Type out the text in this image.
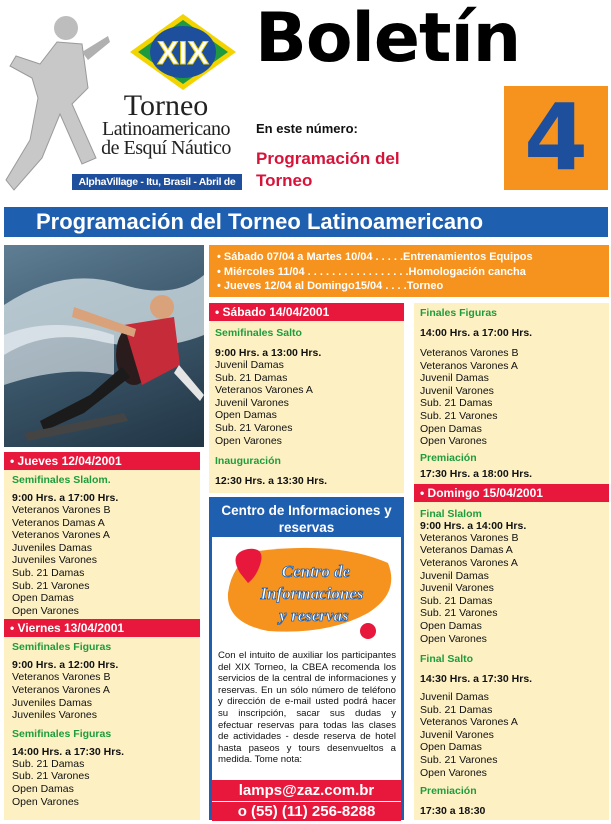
XIX
Torneo
Latinoamericano
de Esquí Náutico
AlphaVillage - Itu, Brasil - Abril de 2001
Boletín
4
En este número:
Programación del Torneo
Programación del Torneo Latinoamericano
• Sábado 07/04 a Martes 10/04 . . . . .Entrenamientos Equipos
• Miércoles 11/04 . . . . . . . . . . . . . . . . .Homologación cancha
• Jueves 12/04 al Domingo15/04 . . . .Torneo
• Jueves 12/04/2001
Semifinales Slalom.
9:00 Hrs. a 17:00 Hrs.
Veteranos Varones B
Veteranos Damas A
Veteranos Varones A
Juveniles Damas
Juveniles Varones
Sub. 21 Damas
Sub. 21 Varones
Open Damas
Open Varones
• Viernes 13/04/2001
Semifinales Figuras
9:00 Hrs. a 12:00 Hrs.
Veteranos Varones B
Veteranos Varones A
Juveniles Damas
Juveniles Varones
Semifinales Figuras
14:00 Hrs. a 17:30 Hrs.
Sub. 21 Damas
Sub. 21 Varones
Open Damas
Open Varones
• Sábado 14/04/2001
Semifinales Salto
9:00 Hrs. a 13:00 Hrs.
Juvenil Damas
Sub. 21 Damas
Veteranos Varones A
Juvenil Varones
Open Damas
Sub. 21 Varones
Open Varones
Inauguración
12:30 Hrs. a 13:30 Hrs.
Centro de Informaciones y reservas
Centro de
Informaciones
y reservas
Con el intuito de auxiliar los participantes del XIX Torneo, la CBEA recomenda los servicios de la central de informaciones y reservas. En un sólo número de teléfono y dirección de e-mail usted podrá hacer su inscripción, sacar sus dudas y efectuar reservas para todas las clases de actividades - desde reserva de hotel hasta paseos y tours desenvueltos a medida. Tome nota:
lamps@zaz.com.br
o (55) (11) 256-8288
Finales Figuras
14:00 Hrs. a 17:00 Hrs.
Veteranos Varones B
Veteranos Varones A
Juvenil Damas
Juvenil Varones
Sub. 21 Damas
Sub. 21 Varones
Open Damas
Open Varones
Premiación
17:30 Hrs. a 18:00 Hrs.
• Domingo 15/04/2001
Final Slalom
9:00 Hrs. a 14:00 Hrs.
Veteranos Varones B
Veteranos Damas A
Veteranos Varones A
Juvenil Damas
Juvenil Varones
Sub. 21 Damas
Sub. 21 Varones
Open Damas
Open Varones
Final Salto
14:30 Hrs. a 17:30 Hrs.
Juvenil Damas
Sub. 21 Damas
Veteranos Varones A
Juvenil Varones
Open Damas
Sub. 21 Varones
Open Varones
Premiación
17:30 a 18:30
